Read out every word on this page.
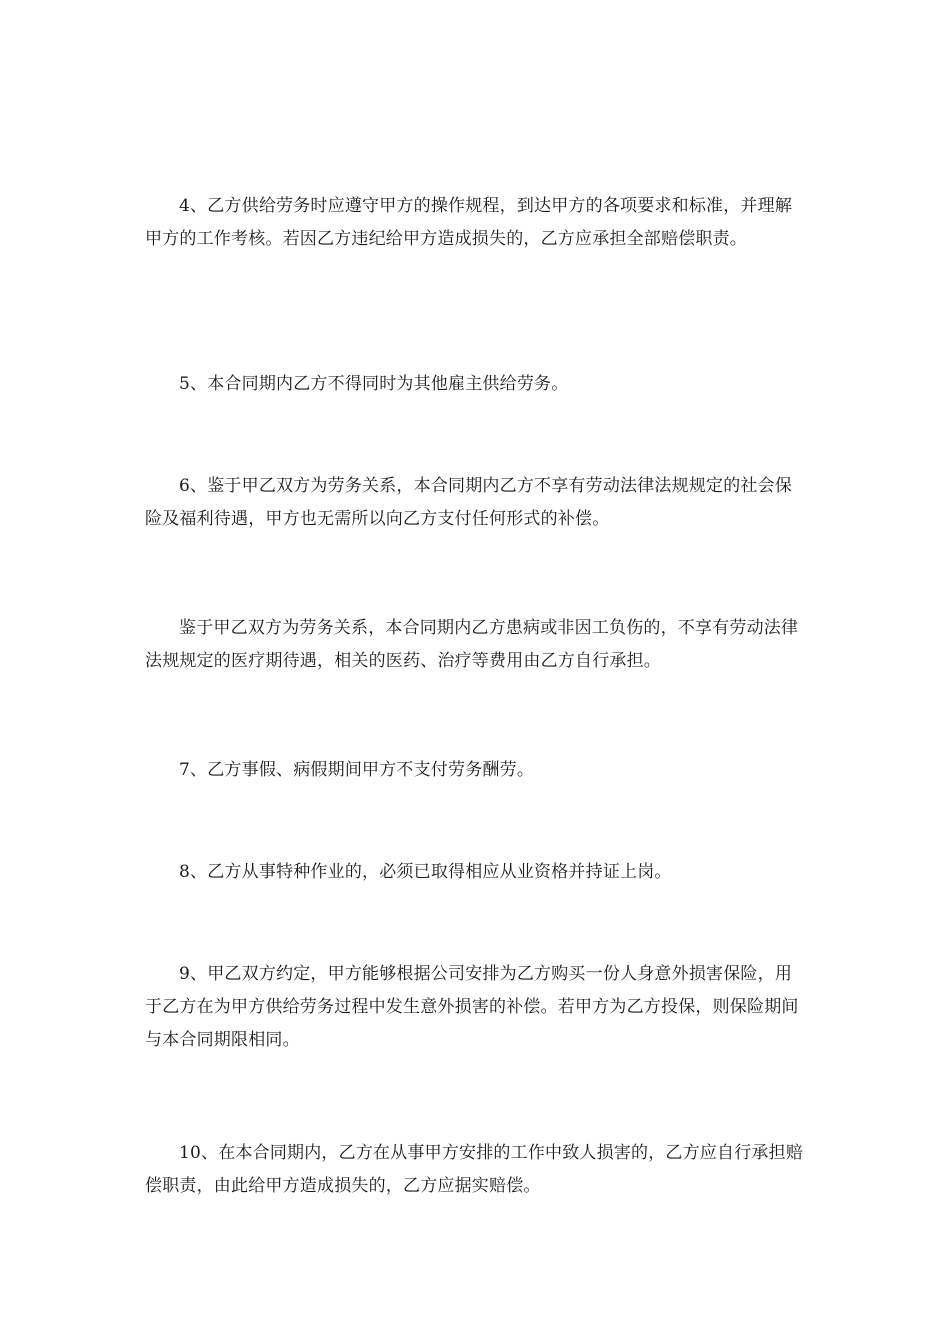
4、乙方供给劳务时应遵守甲方的操作规程，到达甲方的各项要求和标准，并理解甲方的工作考核。若因乙方违纪给甲方造成损失的，乙方应承担全部赔偿职责。

5、本合同期内乙方不得同时为其他雇主供给劳务。

6、鉴于甲乙双方为劳务关系，本合同期内乙方不享有劳动法律法规规定的社会保险及福利待遇，甲方也无需所以向乙方支付任何形式的补偿。

鉴于甲乙双方为劳务关系，本合同期内乙方患病或非因工负伤的，不享有劳动法律法规规定的医疗期待遇，相关的医药、治疗等费用由乙方自行承担。

7、乙方事假、病假期间甲方不支付劳务酬劳。

8、乙方从事特种作业的，必须已取得相应从业资格并持证上岗。

9、甲乙双方约定，甲方能够根据公司安排为乙方购买一份人身意外损害保险，用于乙方在为甲方供给劳务过程中发生意外损害的补偿。若甲方为乙方投保，则保险期间与本合同期限相同。

10、在本合同期内，乙方在从事甲方安排的工作中致人损害的，乙方应自行承担赔偿职责，由此给甲方造成损失的，乙方应据实赔偿。
